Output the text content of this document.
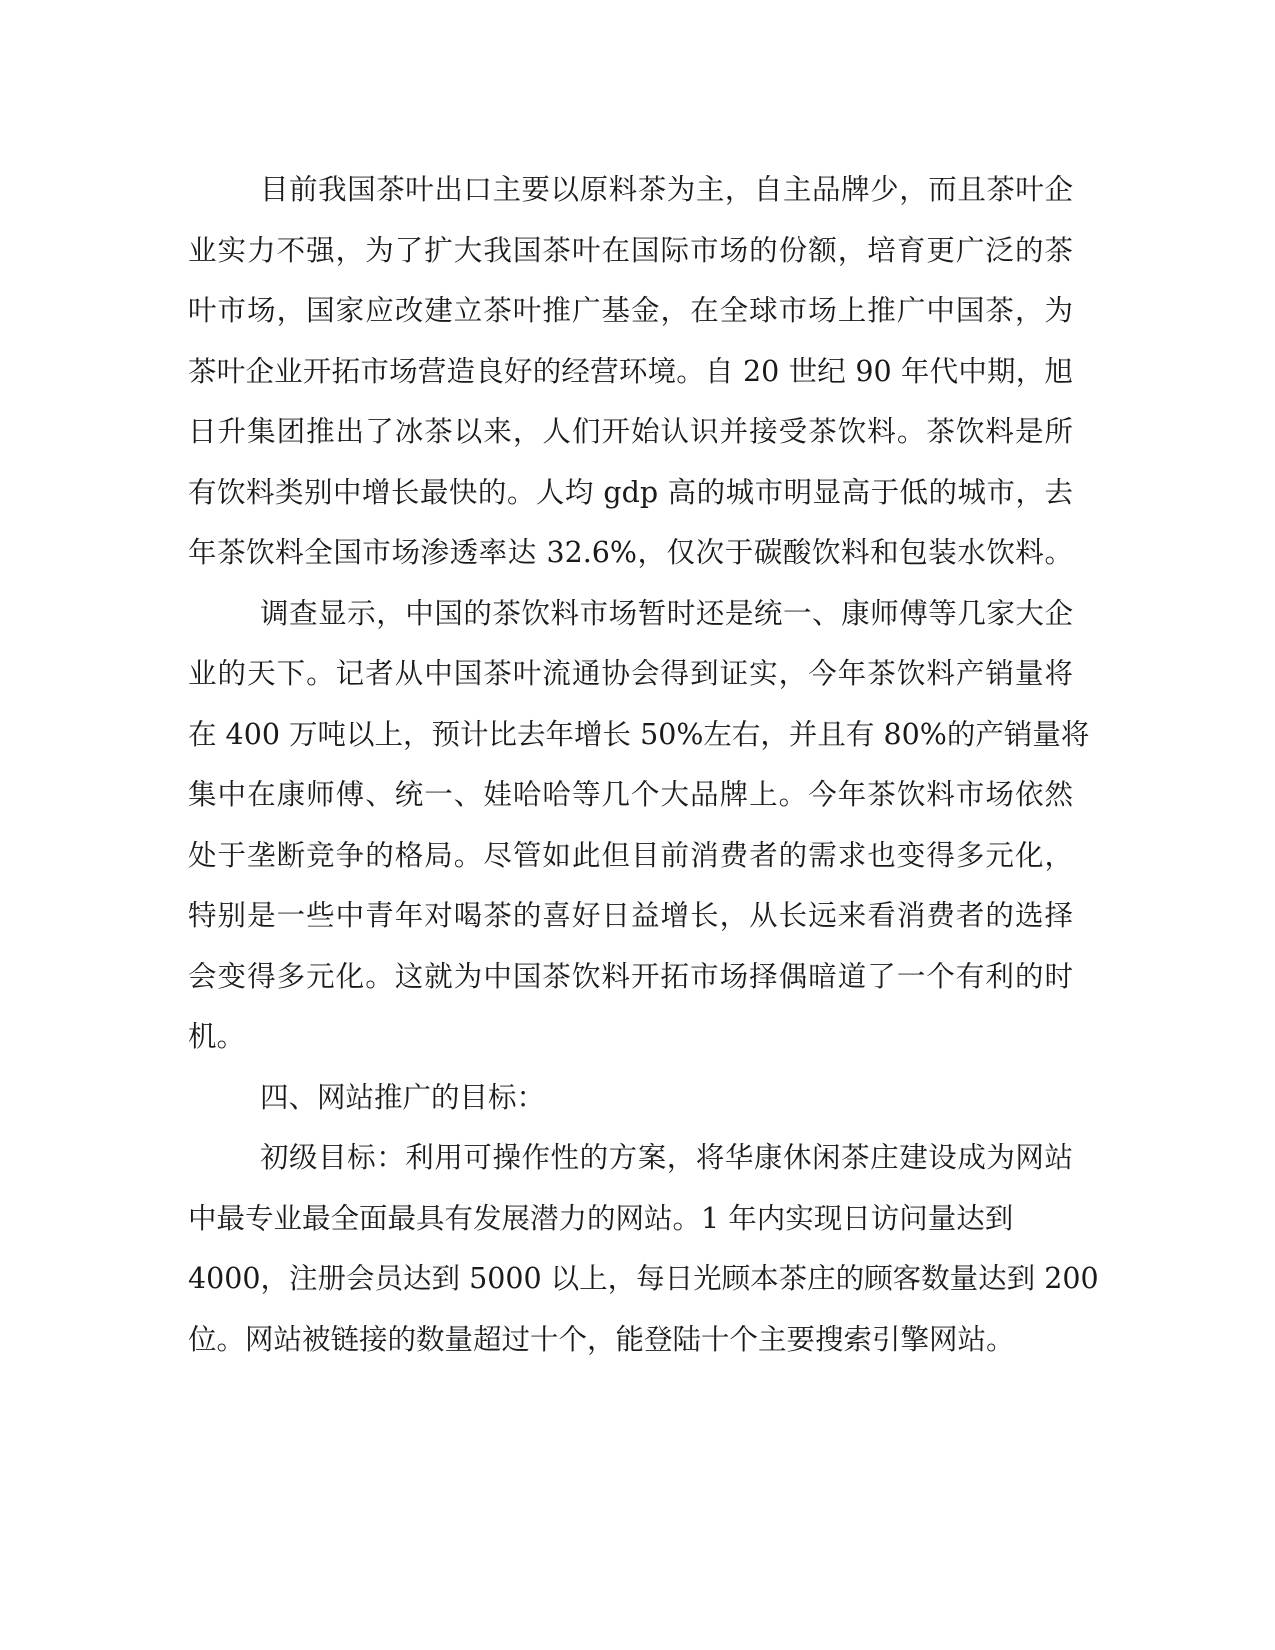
目前我国茶叶出口主要以原料茶为主，自主品牌少，而且茶叶企
业实力不强，为了扩大我国茶叶在国际市场的份额，培育更广泛的茶
叶市场，国家应改建立茶叶推广基金，在全球市场上推广中国茶，为
茶叶企业开拓市场营造良好的经营环境。自 20 世纪 90 年代中期，旭
日升集团推出了冰茶以来，人们开始认识并接受茶饮料。茶饮料是所
有饮料类别中增长最快的。人均 gdp 高的城市明显高于低的城市，去
年茶饮料全国市场渗透率达 32.6%，仅次于碳酸饮料和包装水饮料。
调查显示，中国的茶饮料市场暂时还是统一、康师傅等几家大企
业的天下。记者从中国茶叶流通协会得到证实，今年茶饮料产销量将
在 400 万吨以上，预计比去年增长 50%左右，并且有 80%的产销量将
集中在康师傅、统一、娃哈哈等几个大品牌上。今年茶饮料市场依然
处于垄断竞争的格局。尽管如此但目前消费者的需求也变得多元化，
特别是一些中青年对喝茶的喜好日益增长，从长远来看消费者的选择
会变得多元化。这就为中国茶饮料开拓市场择偶暗道了一个有利的时
机。
四、网站推广的目标：
初级目标：利用可操作性的方案，将华康休闲茶庄建设成为网站
中最专业最全面最具有发展潜力的网站。1 年内实现日访问量达到
4000，注册会员达到 5000 以上，每日光顾本茶庄的顾客数量达到 200
位。网站被链接的数量超过十个，能登陆十个主要搜索引擎网站。
